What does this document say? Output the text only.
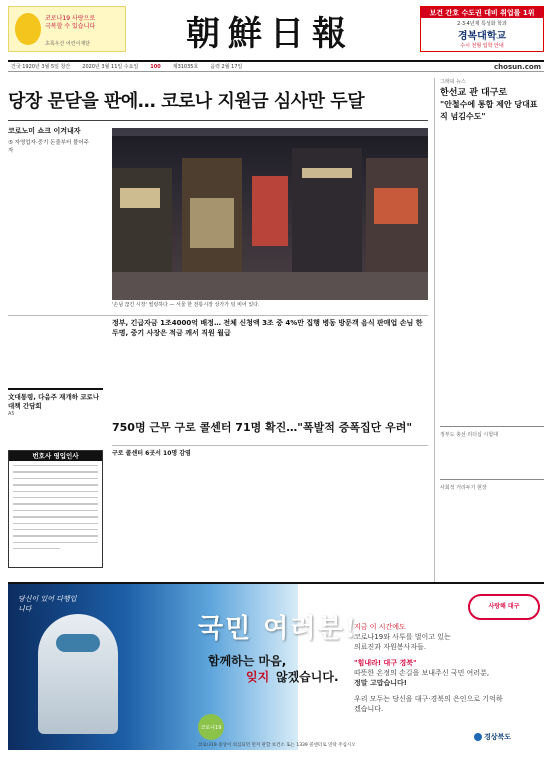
코로나19 사랑으로
극복할 수 있습니다
초록우산 어린이재단	朝鮮日報
보건 간호 수도권 대비 취업률 1위
2·3·4년제 특성화 학과
경복대학교
수시 전형 입학 안내
건국 1920년 3월 5일 창간 2020년 3월 11일 수요일 100 제31035호 음력 2월 17일	chosun.com
당장 문닫을 판에… 코로나 지원금 심사만 두달
코로노미 쇼크 이겨내자
⑤ 자영업자·중기 돈줄부터 풀어주자
'손님 끊긴 시장' 썰렁하다 — 서울 한 전통시장 상가가 텅 비어 있다.
정부, 긴급자금 1조4000억 배정… 전체 신청액 3조 중 4%만 집행 병동 방문객 음식 판매업 손님 한두명, 중기 사장은 적금 깨서 직원 월급
그래픽 뉴스
한선교 관 대구로
"안철수에 통합 제안 당대표직 넘김수도"
정부도 총선 리더십 시험대
사회적 거리두기 현장
文대통령, 다음주 재개하 코로나 대책 간담회
A5
번호사 영입인사
750명 근무 구로 콜센터 71명 확진…"폭발적 증폭집단 우려"
구로 콜센터 6곳서 10명 감염
당신이 있어 다행입니다
국민 여러분!
함께하는 마음,
잊지 않겠습니다.
코로나19
코로나19 증상이 의심되면 먼저 관할 보건소 또는 1339 콜센터로 연락 주십시오
사랑해 대구
지금 이 시간에도
코로나19와 사투를 벌이고 있는
의료진과 자원봉사자들.
"힘내라! 대구 경북"
따뜻한 온정의 손길을 보내주신 국민 여러분,
정말 고맙습니다!
우리 모두는 당신을 대구·경북의 은인으로 기억하겠습니다.
경상북도
